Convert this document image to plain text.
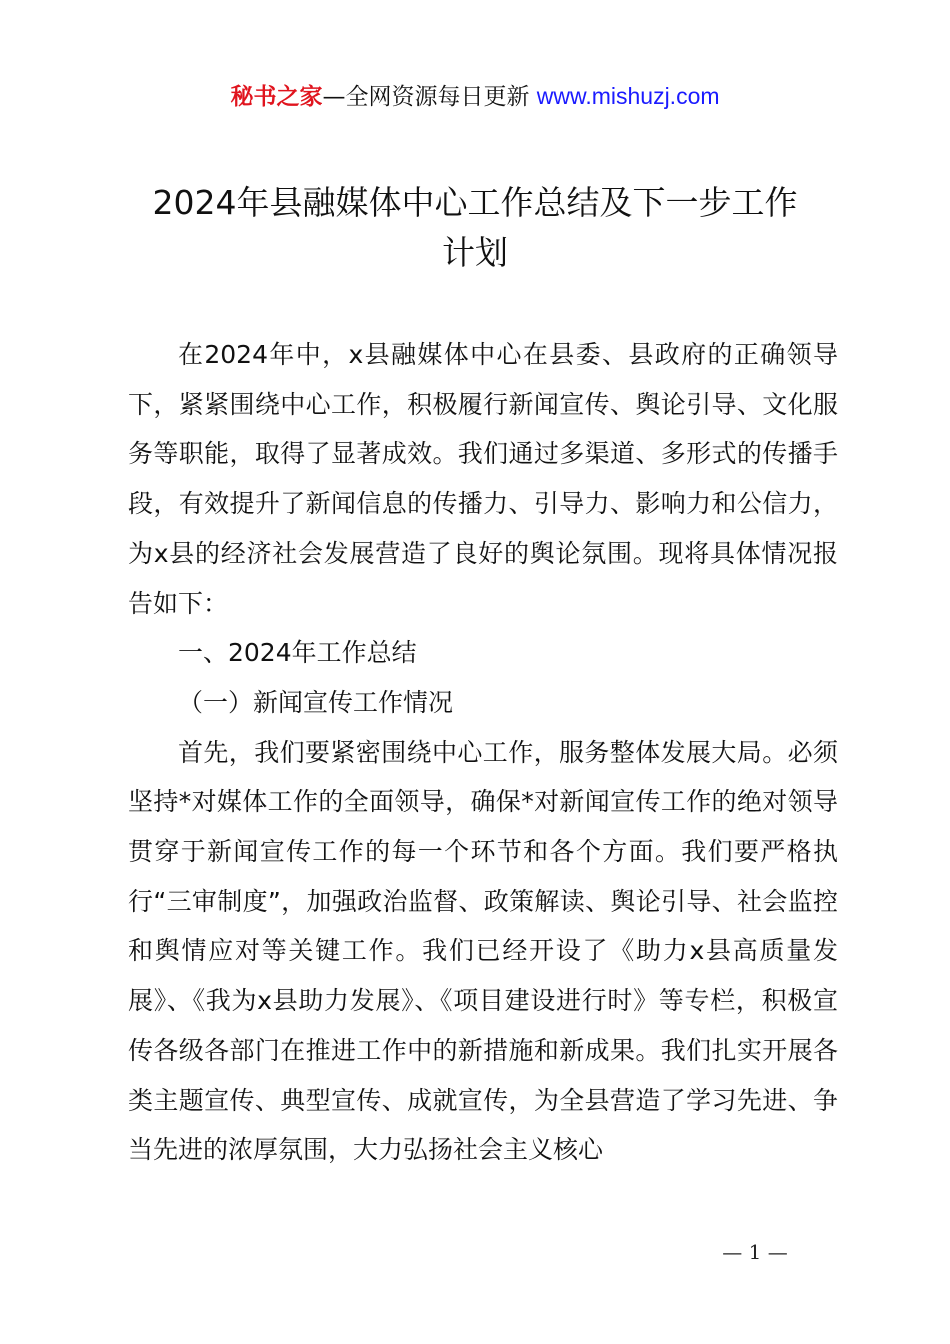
秘书之家—全网资源每日更新 www.mishuzj.com
2024年县融媒体中心工作总结及下一步工作
计划

在2024年中，x县融媒体中心在县委、县政府的正确领导下，紧紧围绕中心工作，积极履行新闻宣传、舆论引导、文化服务等职能，取得了显著成效。我们通过多渠道、多形式的传播手段，有效提升了新闻信息的传播力、引导力、影响力和公信力，为x县的经济社会发展营造了良好的舆论氛围。现将具体情况报告如下：

一、2024年工作总结

（一）新闻宣传工作情况

首先，我们要紧密围绕中心工作，服务整体发展大局。必须坚持*对媒体工作的全面领导，确保*对新闻宣传工作的绝对领导贯穿于新闻宣传工作的每一个环节和各个方面。我们要严格执行“三审制度”，加强政治监督、政策解读、舆论引导、社会监控和舆情应对等关键工作。我们已经开设了《助力x县高质量发展》、《我为x县助力发展》、《项目建设进行时》等专栏，积极宣传各级各部门在推进工作中的新措施和新成果。我们扎实开展各类主题宣传、典型宣传、成就宣传，为全县营造了学习先进、争当先进的浓厚氛围，大力弘扬社会主义核心

— 1 —
